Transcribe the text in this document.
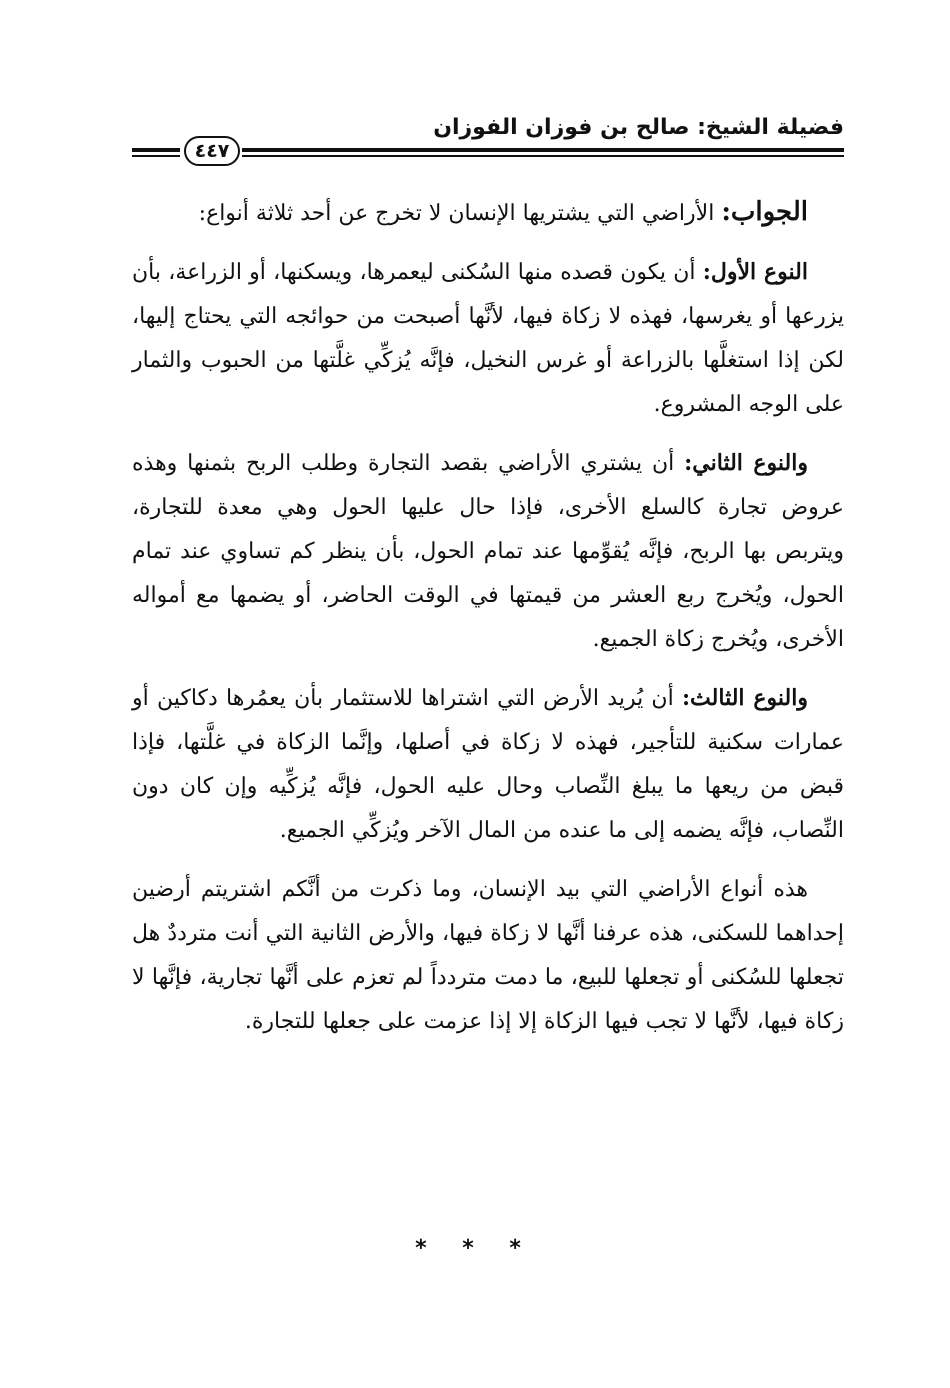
فضيلة الشيخ: صالح بن فوزان الفوزان
٤٤٧

الجواب: الأراضي التي يشتريها الإنسان لا تخرج عن أحد ثلاثة أنواع:

النوع الأول: أن يكون قصده منها السُكنى ليعمرها، ويسكنها، أو الزراعة، بأن يزرعها أو يغرسها، فهذه لا زكاة فيها، لأنَّها أصبحت من حوائجه التي يحتاج إليها، لكن إذا استغلَّها بالزراعة أو غرس النخيل، فإنَّه يُزكِّي غلَّتها من الحبوب والثمار على الوجه المشروع.

والنوع الثاني: أن يشتري الأراضي بقصد التجارة وطلب الربح بثمنها وهذه عروض تجارة كالسلع الأخرى، فإذا حال عليها الحول وهي معدة للتجارة، ويتربص بها الربح، فإنَّه يُقوِّمها عند تمام الحول، بأن ينظر كم تساوي عند تمام الحول، ويُخرج ربع العشر من قيمتها في الوقت الحاضر، أو يضمها مع أمواله الأخرى، ويُخرج زكاة الجميع.

والنوع الثالث: أن يُريد الأرض التي اشتراها للاستثمار بأن يعمُرها دكاكين أو عمارات سكنية للتأجير، فهذه لا زكاة في أصلها، وإنَّما الزكاة في غلَّتها، فإذا قبض من ريعها ما يبلغ النِّصاب وحال عليه الحول، فإنَّه يُزكِّيه وإن كان دون النِّصاب، فإنَّه يضمه إلى ما عنده من المال الآخر ويُزكِّي الجميع.

هذه أنواع الأراضي التي بيد الإنسان، وما ذكرت من أنَّكم اشتريتم أرضين إحداهما للسكنى، هذه عرفنا أنَّها لا زكاة فيها، والأرض الثانية التي أنت مترددٌ هل تجعلها للسُكنى أو تجعلها للبيع، ما دمت متردداً لم تعزم على أنَّها تجارية، فإنَّها لا زكاة فيها، لأنَّها لا تجب فيها الزكاة إلا إذا عزمت على جعلها للتجارة.

* * *
